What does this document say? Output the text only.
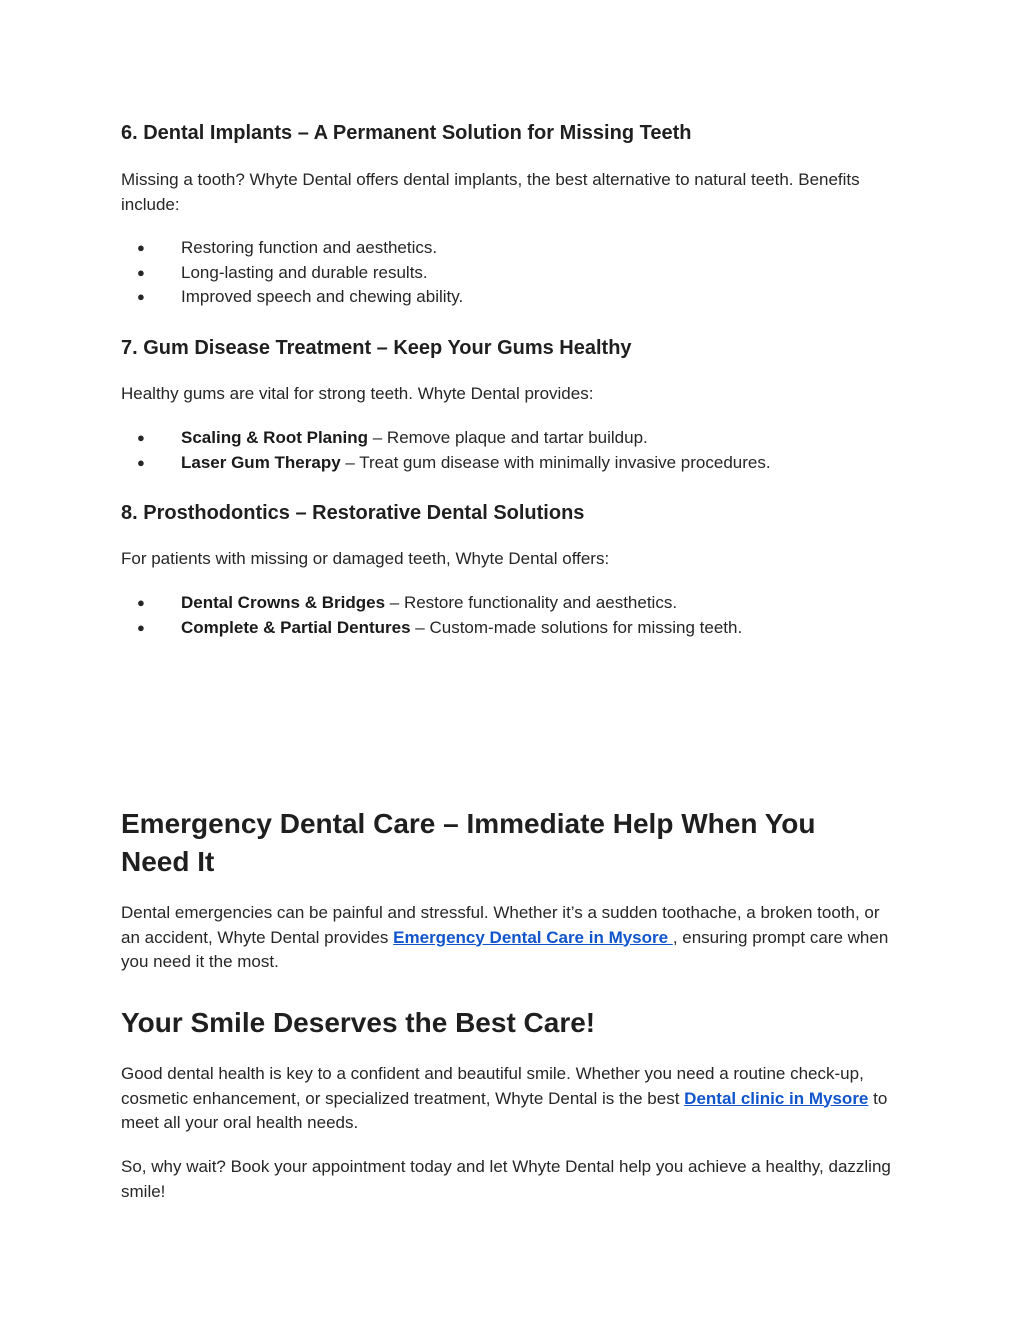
6. Dental Implants – A Permanent Solution for Missing Teeth

Missing a tooth? Whyte Dental offers dental implants, the best alternative to natural teeth. Benefits include:

● Restoring function and aesthetics.
● Long-lasting and durable results.
● Improved speech and chewing ability.
7. Gum Disease Treatment – Keep Your Gums Healthy

Healthy gums are vital for strong teeth. Whyte Dental provides:

● Scaling & Root Planing – Remove plaque and tartar buildup.
● Laser Gum Therapy – Treat gum disease with minimally invasive procedures.
8. Prosthodontics – Restorative Dental Solutions

For patients with missing or damaged teeth, Whyte Dental offers:

● Dental Crowns & Bridges – Restore functionality and aesthetics.
● Complete & Partial Dentures – Custom-made solutions for missing teeth.
Emergency Dental Care – Immediate Help When You Need It

Dental emergencies can be painful and stressful. Whether it’s a sudden toothache, a broken tooth, or an accident, Whyte Dental provides Emergency Dental Care in Mysore , ensuring prompt care when you need it the most.

Your Smile Deserves the Best Care!

Good dental health is key to a confident and beautiful smile. Whether you need a routine check-up, cosmetic enhancement, or specialized treatment, Whyte Dental is the best Dental clinic in Mysore to meet all your oral health needs.

So, why wait? Book your appointment today and let Whyte Dental help you achieve a healthy, dazzling smile!
